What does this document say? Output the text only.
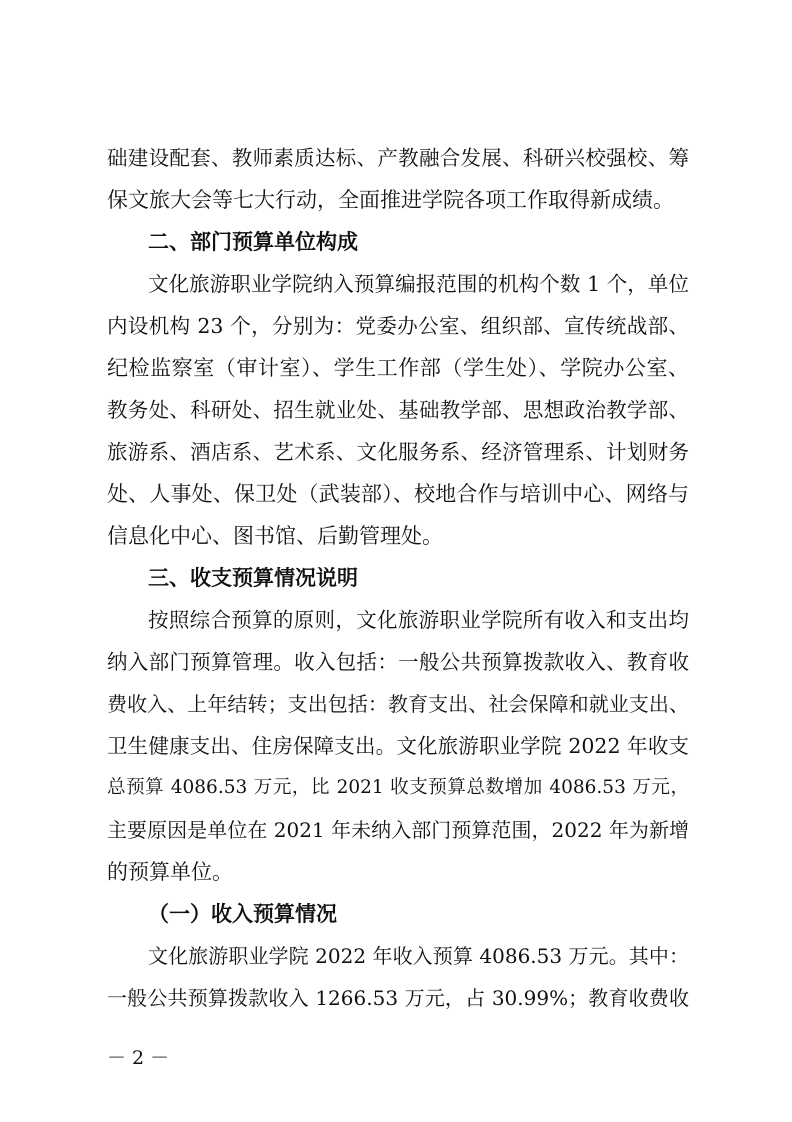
础建设配套、教师素质达标、产教融合发展、科研兴校强校、筹
保文旅大会等七大行动，全面推进学院各项工作取得新成绩。
二、部门预算单位构成
文化旅游职业学院纳入预算编报范围的机构个数 1 个，单位
内设机构 23 个，分别为：党委办公室、组织部、宣传统战部、
纪检监察室（审计室）、学生工作部（学生处）、学院办公室、
教务处、科研处、招生就业处、基础教学部、思想政治教学部、
旅游系、酒店系、艺术系、文化服务系、经济管理系、计划财务
处、人事处、保卫处（武装部）、校地合作与培训中心、网络与
信息化中心、图书馆、后勤管理处。
三、收支预算情况说明
按照综合预算的原则，文化旅游职业学院所有收入和支出均
纳入部门预算管理。收入包括：一般公共预算拨款收入、教育收
费收入、上年结转；支出包括：教育支出、社会保障和就业支出、
卫生健康支出、住房保障支出。文化旅游职业学院 2022 年收支
总预算 4086.53 万元，比 2021 收支预算总数增加 4086.53 万元，
主要原因是单位在 2021 年未纳入部门预算范围，2022 年为新增
的预算单位。
（一）收入预算情况
文化旅游职业学院 2022 年收入预算 4086.53 万元。其中：
一般公共预算拨款收入 1266.53 万元，占 30.99%；教育收费收
－ 2 －
